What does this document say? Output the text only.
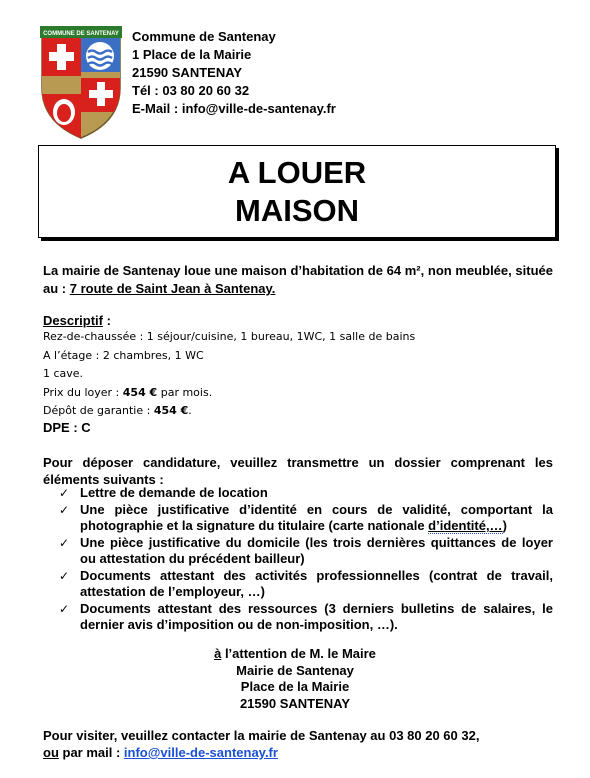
COMMUNE DE SANTENAY Commune de Santenay
1 Place de la Mairie
21590 SANTENAY
Tél : 03 80 20 60 32
E-Mail : info@ville-de-santenay.fr
A LOUER
MAISON
La mairie de Santenay loue une maison d’habitation de 64 m², non meublée, située au : 7 route de Saint Jean à Santenay.
Descriptif :
Rez-de-chaussée : 1 séjour/cuisine, 1 bureau, 1WC, 1 salle de bains
A l’étage : 2 chambres, 1 WC
1 cave.
Prix du loyer : 454 € par mois.
Dépôt de garantie : 454 €.
DPE : C
Pour déposer candidature, veuillez transmettre un dossier comprenant les éléments suivants :
✓ Lettre de demande de location
✓ Une pièce justificative d’identité en cours de validité, comportant la photographie et la signature du titulaire (carte nationale d’identité,…)
✓ Une pièce justificative du domicile (les trois dernières quittances de loyer ou attestation du précédent bailleur)
✓ Documents attestant des activités professionnelles (contrat de travail, attestation de l’employeur, …)
✓ Documents attestant des ressources (3 derniers bulletins de salaires, le dernier avis d’imposition ou de non-imposition, …).
à l’attention de M. le Maire
Mairie de Santenay
Place de la Mairie
21590 SANTENAY
Pour visiter, veuillez contacter la mairie de Santenay au 03 80 20 60 32,
ou par mail : info@ville-de-santenay.fr
